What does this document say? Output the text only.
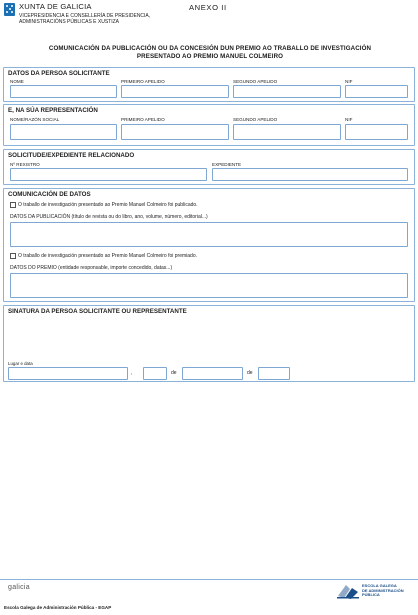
XUNTA DE GALICIA
VICEPRESIDENCIA E CONSELLERÍA DE PRESIDENCIA,
ADMINISTRACIÓNS PÚBLICAS E XUSTIZA
ANEXO II
COMUNICACIÓN DA PUBLICACIÓN OU DA CONCESIÓN DUN PREMIO AO TRABALLO DE INVESTIGACIÓN
PRESENTADO AO PREMIO MANUEL COLMEIRO
DATOS DA PERSOA SOLICITANTE
NOME	PRIMEIRO APELIDO	SEGUNDO APELIDO	NIF
E, NA SÚA REPRESENTACIÓN
NOME/RAZÓN SOCIAL	PRIMEIRO APELIDO	SEGUNDO APELIDO	NIF
SOLICITUDE/EXPEDIENTE RELACIONADO
Nº REXISTRO	EXPEDIENTE
COMUNICACIÓN DE DATOS
O traballo de investigación presentado ao Premio Manuel Colmeiro foi publicado.
DATOS DA PUBLICACIÓN (título de revista ou do libro, ano, volume, número, editorial...)
O traballo de investigación presentado ao Premio Manuel Colmeiro foi premiado.
DATOS DO PREMIO (entidade responsable, importe concedido, datas...)
SINATURA DA PERSOA SOLICITANTE OU REPRESENTANTE
Lugar e data
,	de	de
galicia	ESCOLA GALEGA
DE ADMINISTRACIÓN
PÚBLICA
Escola Galega de Administración Pública - EGAP
